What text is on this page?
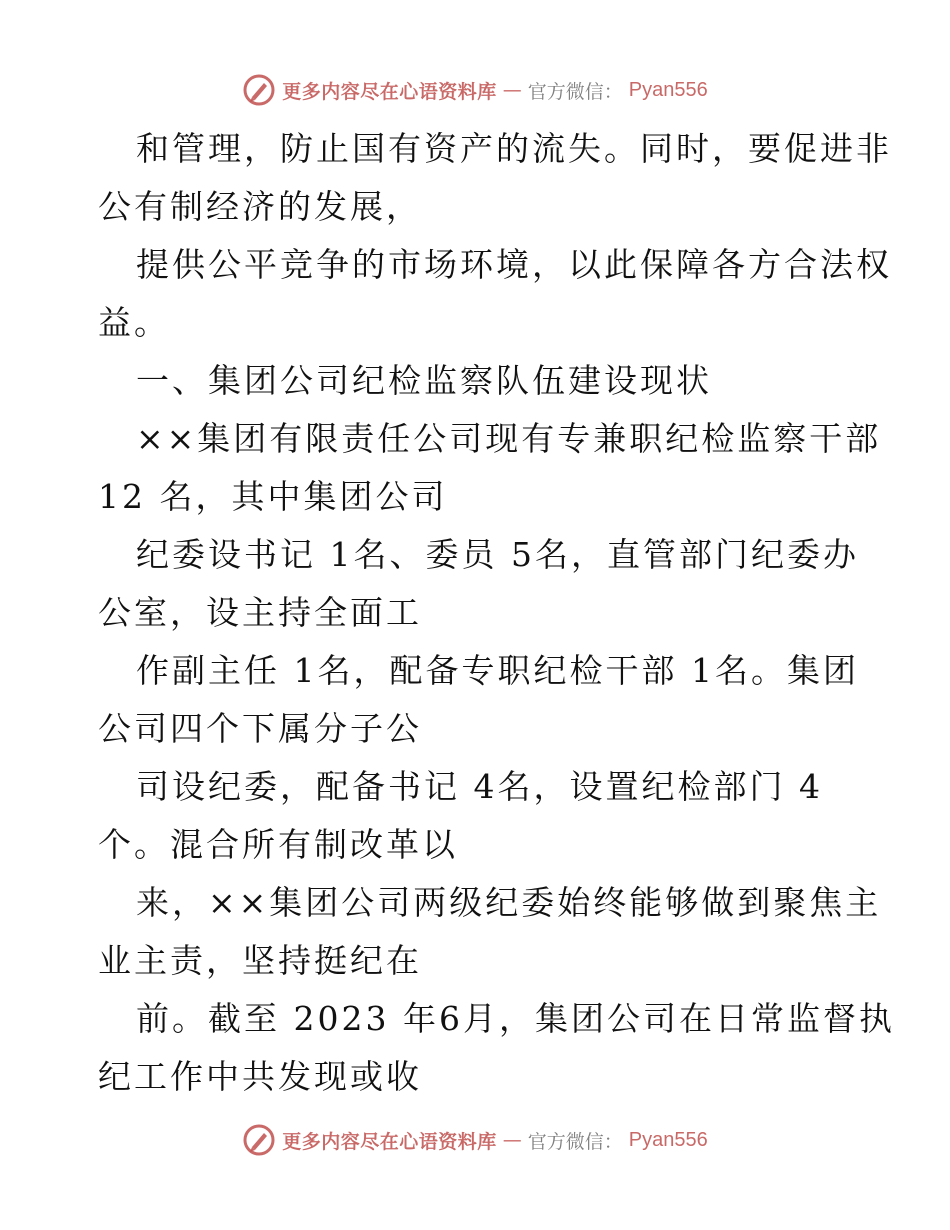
更多内容尽在心语资料库 — 官方微信： Pyan556
和管理，防止国有资产的流失。同时，要促进非
公有制经济的发展，
提供公平竞争的市场环境，以此保障各方合法权
益。
一、集团公司纪检监察队伍建设现状
××集团有限责任公司现有专兼职纪检监察干部
12 名，其中集团公司
纪委设书记 1名、委员 5名，直管部门纪委办
公室，设主持全面工
作副主任 1名，配备专职纪检干部 1名。集团
公司四个下属分子公
司设纪委，配备书记 4名，设置纪检部门 4
个。混合所有制改革以
来，××集团公司两级纪委始终能够做到聚焦主
业主责，坚持挺纪在
前。截至 2023 年6月，集团公司在日常监督执
纪工作中共发现或收
更多内容尽在心语资料库 — 官方微信： Pyan556
